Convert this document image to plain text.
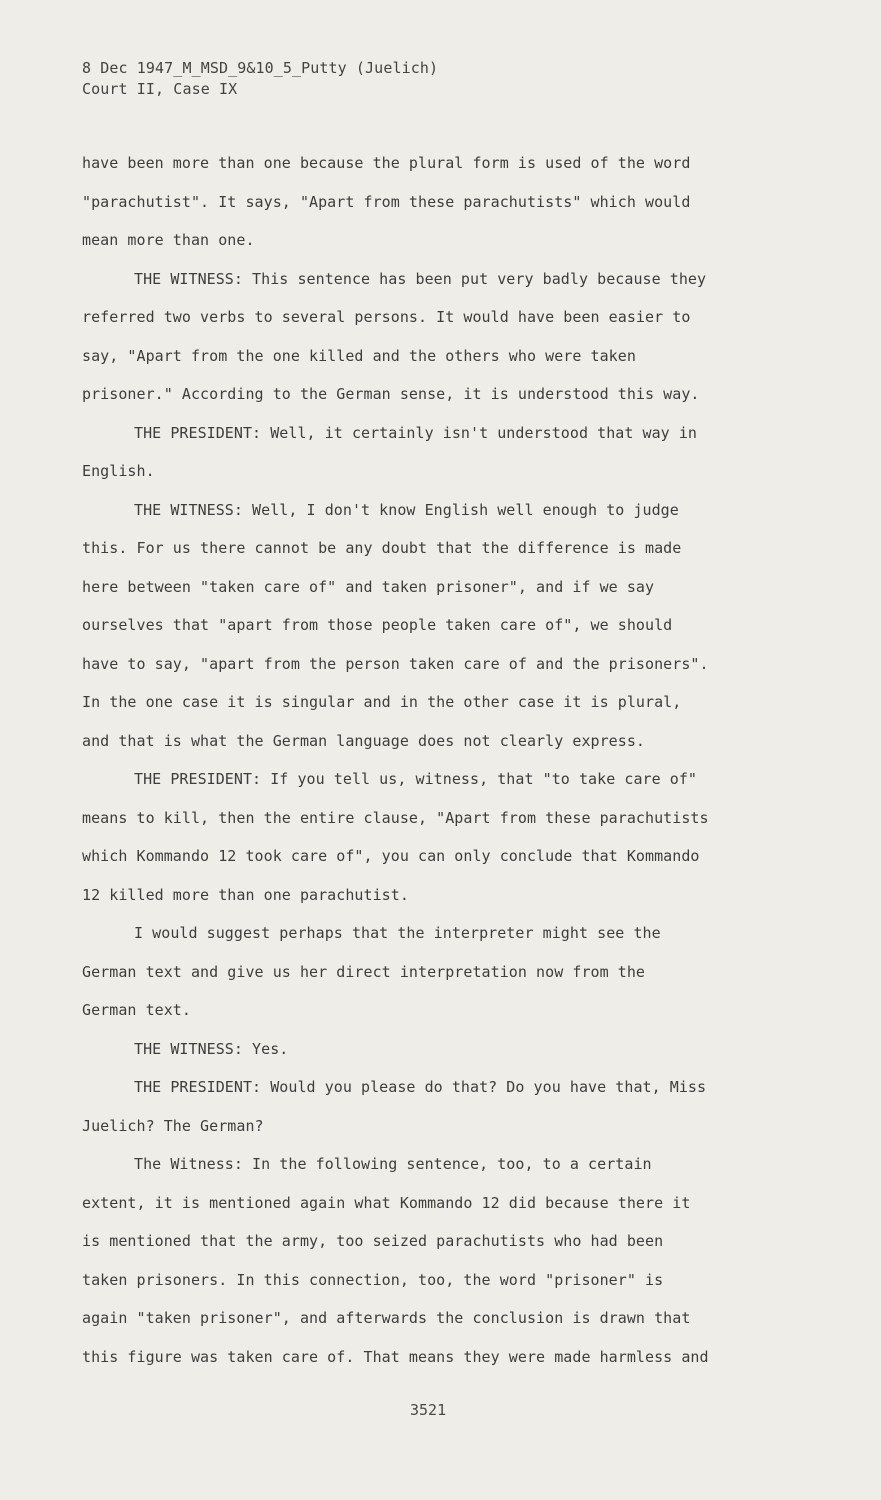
8 Dec 1947_M_MSD_9&10_5_Putty (Juelich)
Court II, Case IX
have been more than one because the plural form is used of the word
"parachutist". It says, "Apart from these parachutists" which would
mean more than one.
THE WITNESS: This sentence has been put very badly because they
referred two verbs to several persons. It would have been easier to
say, "Apart from the one killed and the others who were taken
prisoner." According to the German sense, it is understood this way.
THE PRESIDENT: Well, it certainly isn't understood that way in
English.
THE WITNESS: Well, I don't know English well enough to judge
this. For us there cannot be any doubt that the difference is made
here between "taken care of" and taken prisoner", and if we say
ourselves that "apart from those people taken care of", we should
have to say, "apart from the person taken care of and the prisoners".
In the one case it is singular and in the other case it is plural,
and that is what the German language does not clearly express.
THE PRESIDENT: If you tell us, witness, that "to take care of"
means to kill, then the entire clause, "Apart from these parachutists
which Kommando 12 took care of", you can only conclude that Kommando
12 killed more than one parachutist.
I would suggest perhaps that the interpreter might see the
German text and give us her direct interpretation now from the
German text.
THE WITNESS: Yes.
THE PRESIDENT: Would you please do that? Do you have that, Miss
Juelich? The German?
The Witness: In the following sentence, too, to a certain
extent, it is mentioned again what Kommando 12 did because there it
is mentioned that the army, too seized parachutists who had been
taken prisoners. In this connection, too, the word "prisoner" is
again "taken prisoner", and afterwards the conclusion is drawn that
this figure was taken care of. That means they were made harmless and
3521
